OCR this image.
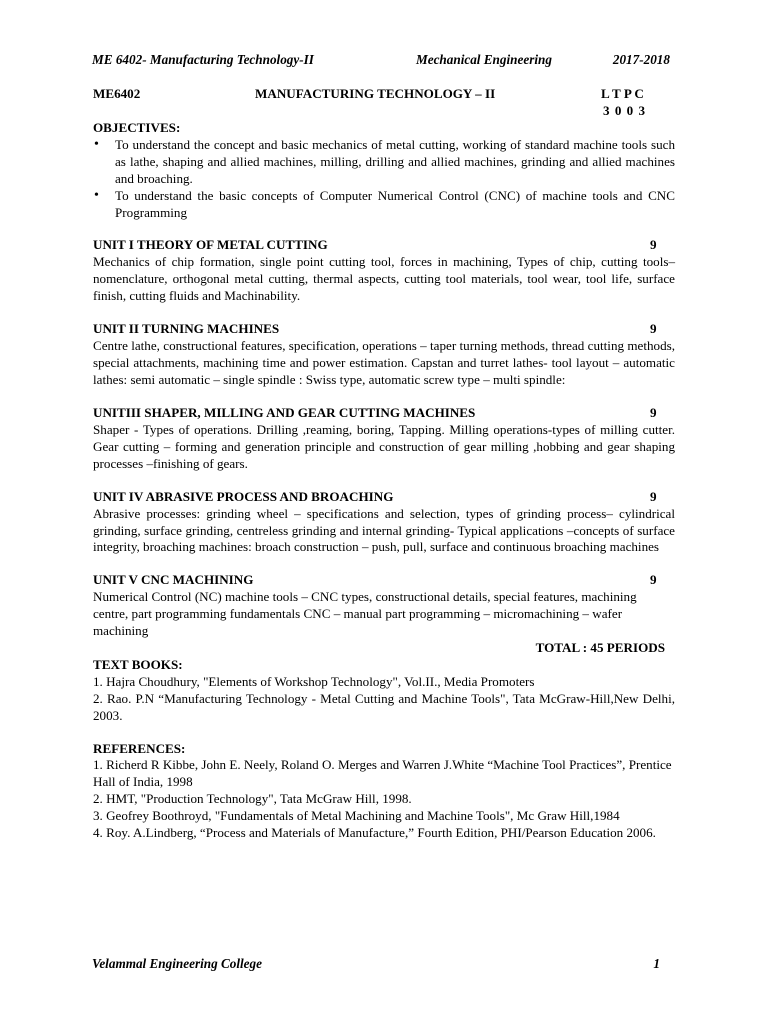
ME 6402- Manufacturing Technology-II	Mechanical Engineering	2017-2018
ME6402	MANUFACTURING TECHNOLOGY – II	L T P C
3 0 0 3
OBJECTIVES:
• To understand the concept and basic mechanics of metal cutting, working of standard machine tools such as lathe, shaping and allied machines, milling, drilling and allied machines, grinding and allied machines and broaching.
• To understand the basic concepts of Computer Numerical Control (CNC) of machine tools and CNC Programming
UNIT I THEORY OF METAL CUTTING	9
Mechanics of chip formation, single point cutting tool, forces in machining, Types of chip, cutting tools– nomenclature, orthogonal metal cutting, thermal aspects, cutting tool materials, tool wear, tool life, surface finish, cutting fluids and Machinability.
UNIT II TURNING MACHINES	9
Centre lathe, constructional features, specification, operations – taper turning methods, thread cutting methods, special attachments, machining time and power estimation. Capstan and turret lathes- tool layout – automatic lathes: semi automatic – single spindle : Swiss type, automatic screw type – multi spindle:
UNITIII SHAPER, MILLING AND GEAR CUTTING MACHINES	9
Shaper - Types of operations. Drilling ,reaming, boring, Tapping. Milling operations-types of milling cutter. Gear cutting – forming and generation principle and construction of gear milling ,hobbing and gear shaping processes –finishing of gears.
UNIT IV ABRASIVE PROCESS AND BROACHING	9
Abrasive processes: grinding wheel – specifications and selection, types of grinding process– cylindrical grinding, surface grinding, centreless grinding and internal grinding- Typical applications –concepts of surface integrity, broaching machines: broach construction – push, pull, surface and continuous broaching machines
UNIT V CNC MACHINING	9
Numerical Control (NC) machine tools – CNC types, constructional details, special features, machining centre, part programming fundamentals CNC – manual part programming – micromachining – wafer machining
TOTAL : 45 PERIODS
TEXT BOOKS:
1. Hajra Choudhury, "Elements of Workshop Technology", Vol.II., Media Promoters
2. Rao. P.N “Manufacturing Technology - Metal Cutting and Machine Tools", Tata McGraw-Hill,New Delhi, 2003.
REFERENCES:
1. Richerd R Kibbe, John E. Neely, Roland O. Merges and Warren J.White “Machine Tool Practices”, Prentice Hall of India, 1998
2. HMT, "Production Technology", Tata McGraw Hill, 1998.
3. Geofrey Boothroyd, "Fundamentals of Metal Machining and Machine Tools", Mc Graw Hill,1984
4. Roy. A.Lindberg, “Process and Materials of Manufacture,” Fourth Edition, PHI/Pearson Education 2006.
Velammal Engineering College	1
